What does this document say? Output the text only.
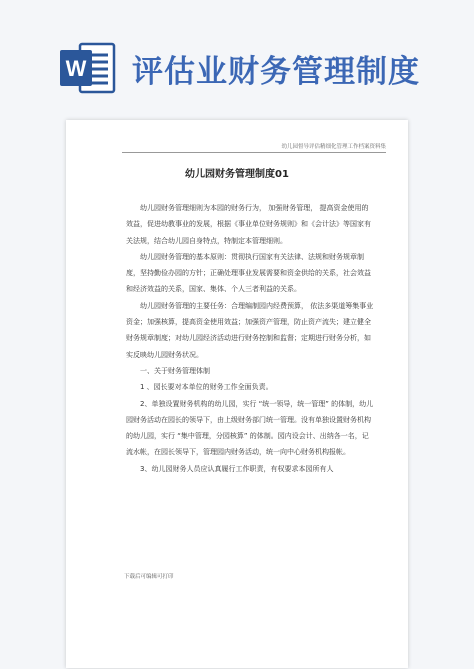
W 评估业财务管理制度
幼儿园督导评估精细化管理工作档案资料集
幼儿园财务管理制度01

幼儿园财务管理细则为本园的财务行为， 加强财务管理， 提高资金使用的效益，促进幼教事业的发展，根据《事业单位财务规则》和《会计法》等国家有关法规，结合幼儿园自身特点，特制定本管理细则。

幼儿园财务管理的基本原则：贯彻执行国家有关法律、法规和财务规章制度，坚持勤俭办园的方针；正确处理事业发展需要和资金供给的关系，社会效益和经济效益的关系，国家、集体、个人三者利益的关系。

幼儿园财务管理的主要任务：合理编制园内经费预算， 依法多渠道筹集事业资金；加强核算，提高资金使用效益；加强资产管理，防止资产流失；建立健全财务规章制度；对幼儿园经济活动进行财务控制和监督；定期进行财务分析，如实反映幼儿园财务状况。

一、关于财务管理体制

1 、园长要对本单位的财务工作全面负责。

2、单独设置财务机构的幼儿园，实行 “统一领导，统一管理” 的体制，幼儿园财务活动在园长的领导下，由上级财务部门统一管理。没有单独设置财务机构的幼儿园，实行 “集中管理，分园核算” 的体制。园内设会计、出纳各一名，记流水帐，在园长领导下，管理园内财务活动，统一向中心财务机构报帐。

3、幼儿园财务人员应认真履行工作职责，有权要求本园所有人

下载后可编辑可打印
